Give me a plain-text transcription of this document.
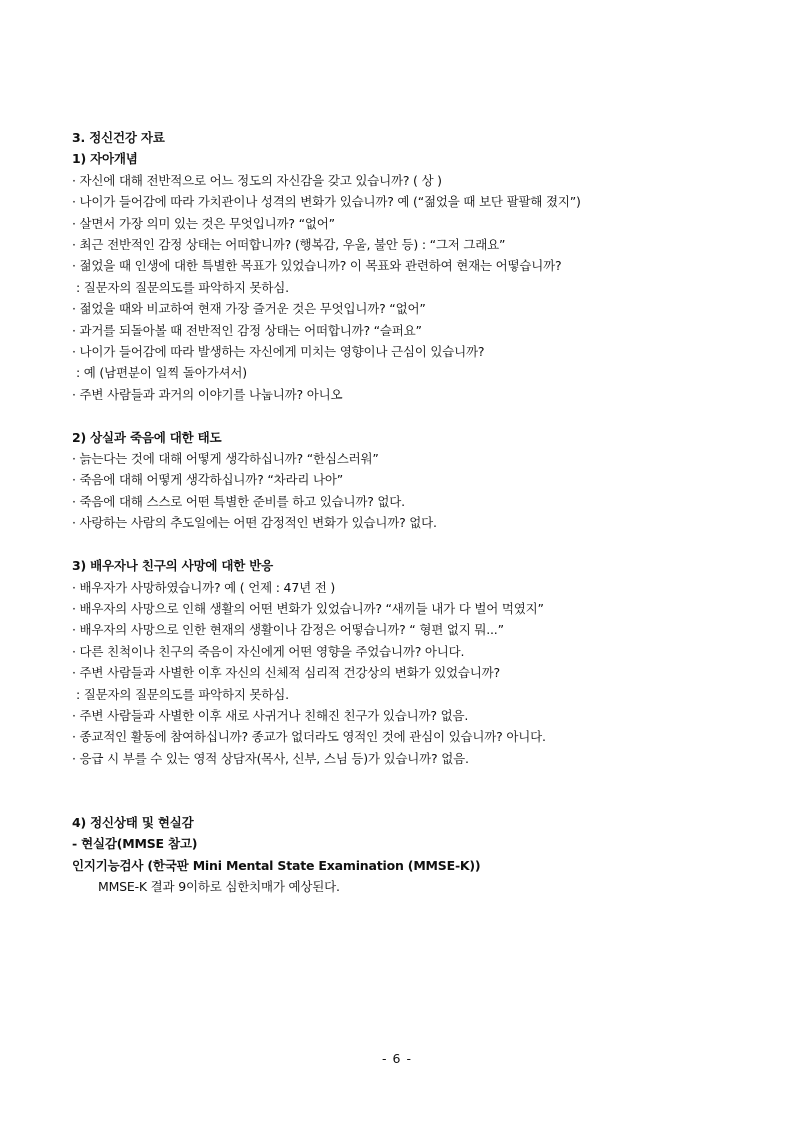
3. 정신건강 자료
1) 자아개념
· 자신에 대해 전반적으로 어느 정도의 자신감을 갖고 있습니까? ( 상 )
· 나이가 들어감에 따라 가치관이나 성격의 변화가 있습니까? 예 (“젊었을 때 보단 팔팔해 졌지”)
· 살면서 가장 의미 있는 것은 무엇입니까? “없어”
· 최근 전반적인 감정 상태는 어떠합니까? (행복감, 우울, 불안 등) : “그저 그래요”
· 젊었을 때 인생에 대한 특별한 목표가 있었습니까? 이 목표와 관련하여 현재는 어떻습니까?
: 질문자의 질문의도를 파악하지 못하심.
· 젊었을 때와 비교하여 현재 가장 즐거운 것은 무엇입니까? “없어”
· 과거를 되돌아볼 때 전반적인 감정 상태는 어떠합니까? “슬퍼요”
· 나이가 들어감에 따라 발생하는 자신에게 미치는 영향이나 근심이 있습니까?
: 예 (남편분이 일찍 돌아가셔서)
· 주변 사람들과 과거의 이야기를 나눕니까? 아니오
2) 상실과 죽음에 대한 태도
· 늙는다는 것에 대해 어떻게 생각하십니까? “한심스러워”
· 죽음에 대해 어떻게 생각하십니까? “차라리 나아”
· 죽음에 대해 스스로 어떤 특별한 준비를 하고 있습니까? 없다.
· 사랑하는 사람의 추도일에는 어떤 감정적인 변화가 있습니까? 없다.
3) 배우자나 친구의 사망에 대한 반응
· 배우자가 사망하였습니까? 예 ( 언제 : 47년 전 )
· 배우자의 사망으로 인해 생활의 어떤 변화가 있었습니까? “새끼들 내가 다 벌어 먹였지”
· 배우자의 사망으로 인한 현재의 생활이나 감정은 어떻습니까? “ 형편 없지 뭐...”
· 다른 친척이나 친구의 죽음이 자신에게 어떤 영향을 주었습니까? 아니다.
· 주변 사람들과 사별한 이후 자신의 신체적 심리적 건강상의 변화가 있었습니까?
: 질문자의 질문의도를 파악하지 못하심.
· 주변 사람들과 사별한 이후 새로 사귀거나 친해진 친구가 있습니까? 없음.
· 종교적인 활동에 참여하십니까? 종교가 없더라도 영적인 것에 관심이 있습니까? 아니다.
· 응급 시 부를 수 있는 영적 상담자(목사, 신부, 스님 등)가 있습니까? 없음.
4) 정신상태 및 현실감
- 현실감(MMSE 참고)
인지기능검사 (한국판 Mini Mental State Examination (MMSE-K))
MMSE-K 결과 9이하로 심한치매가 예상된다.
- 6 -
